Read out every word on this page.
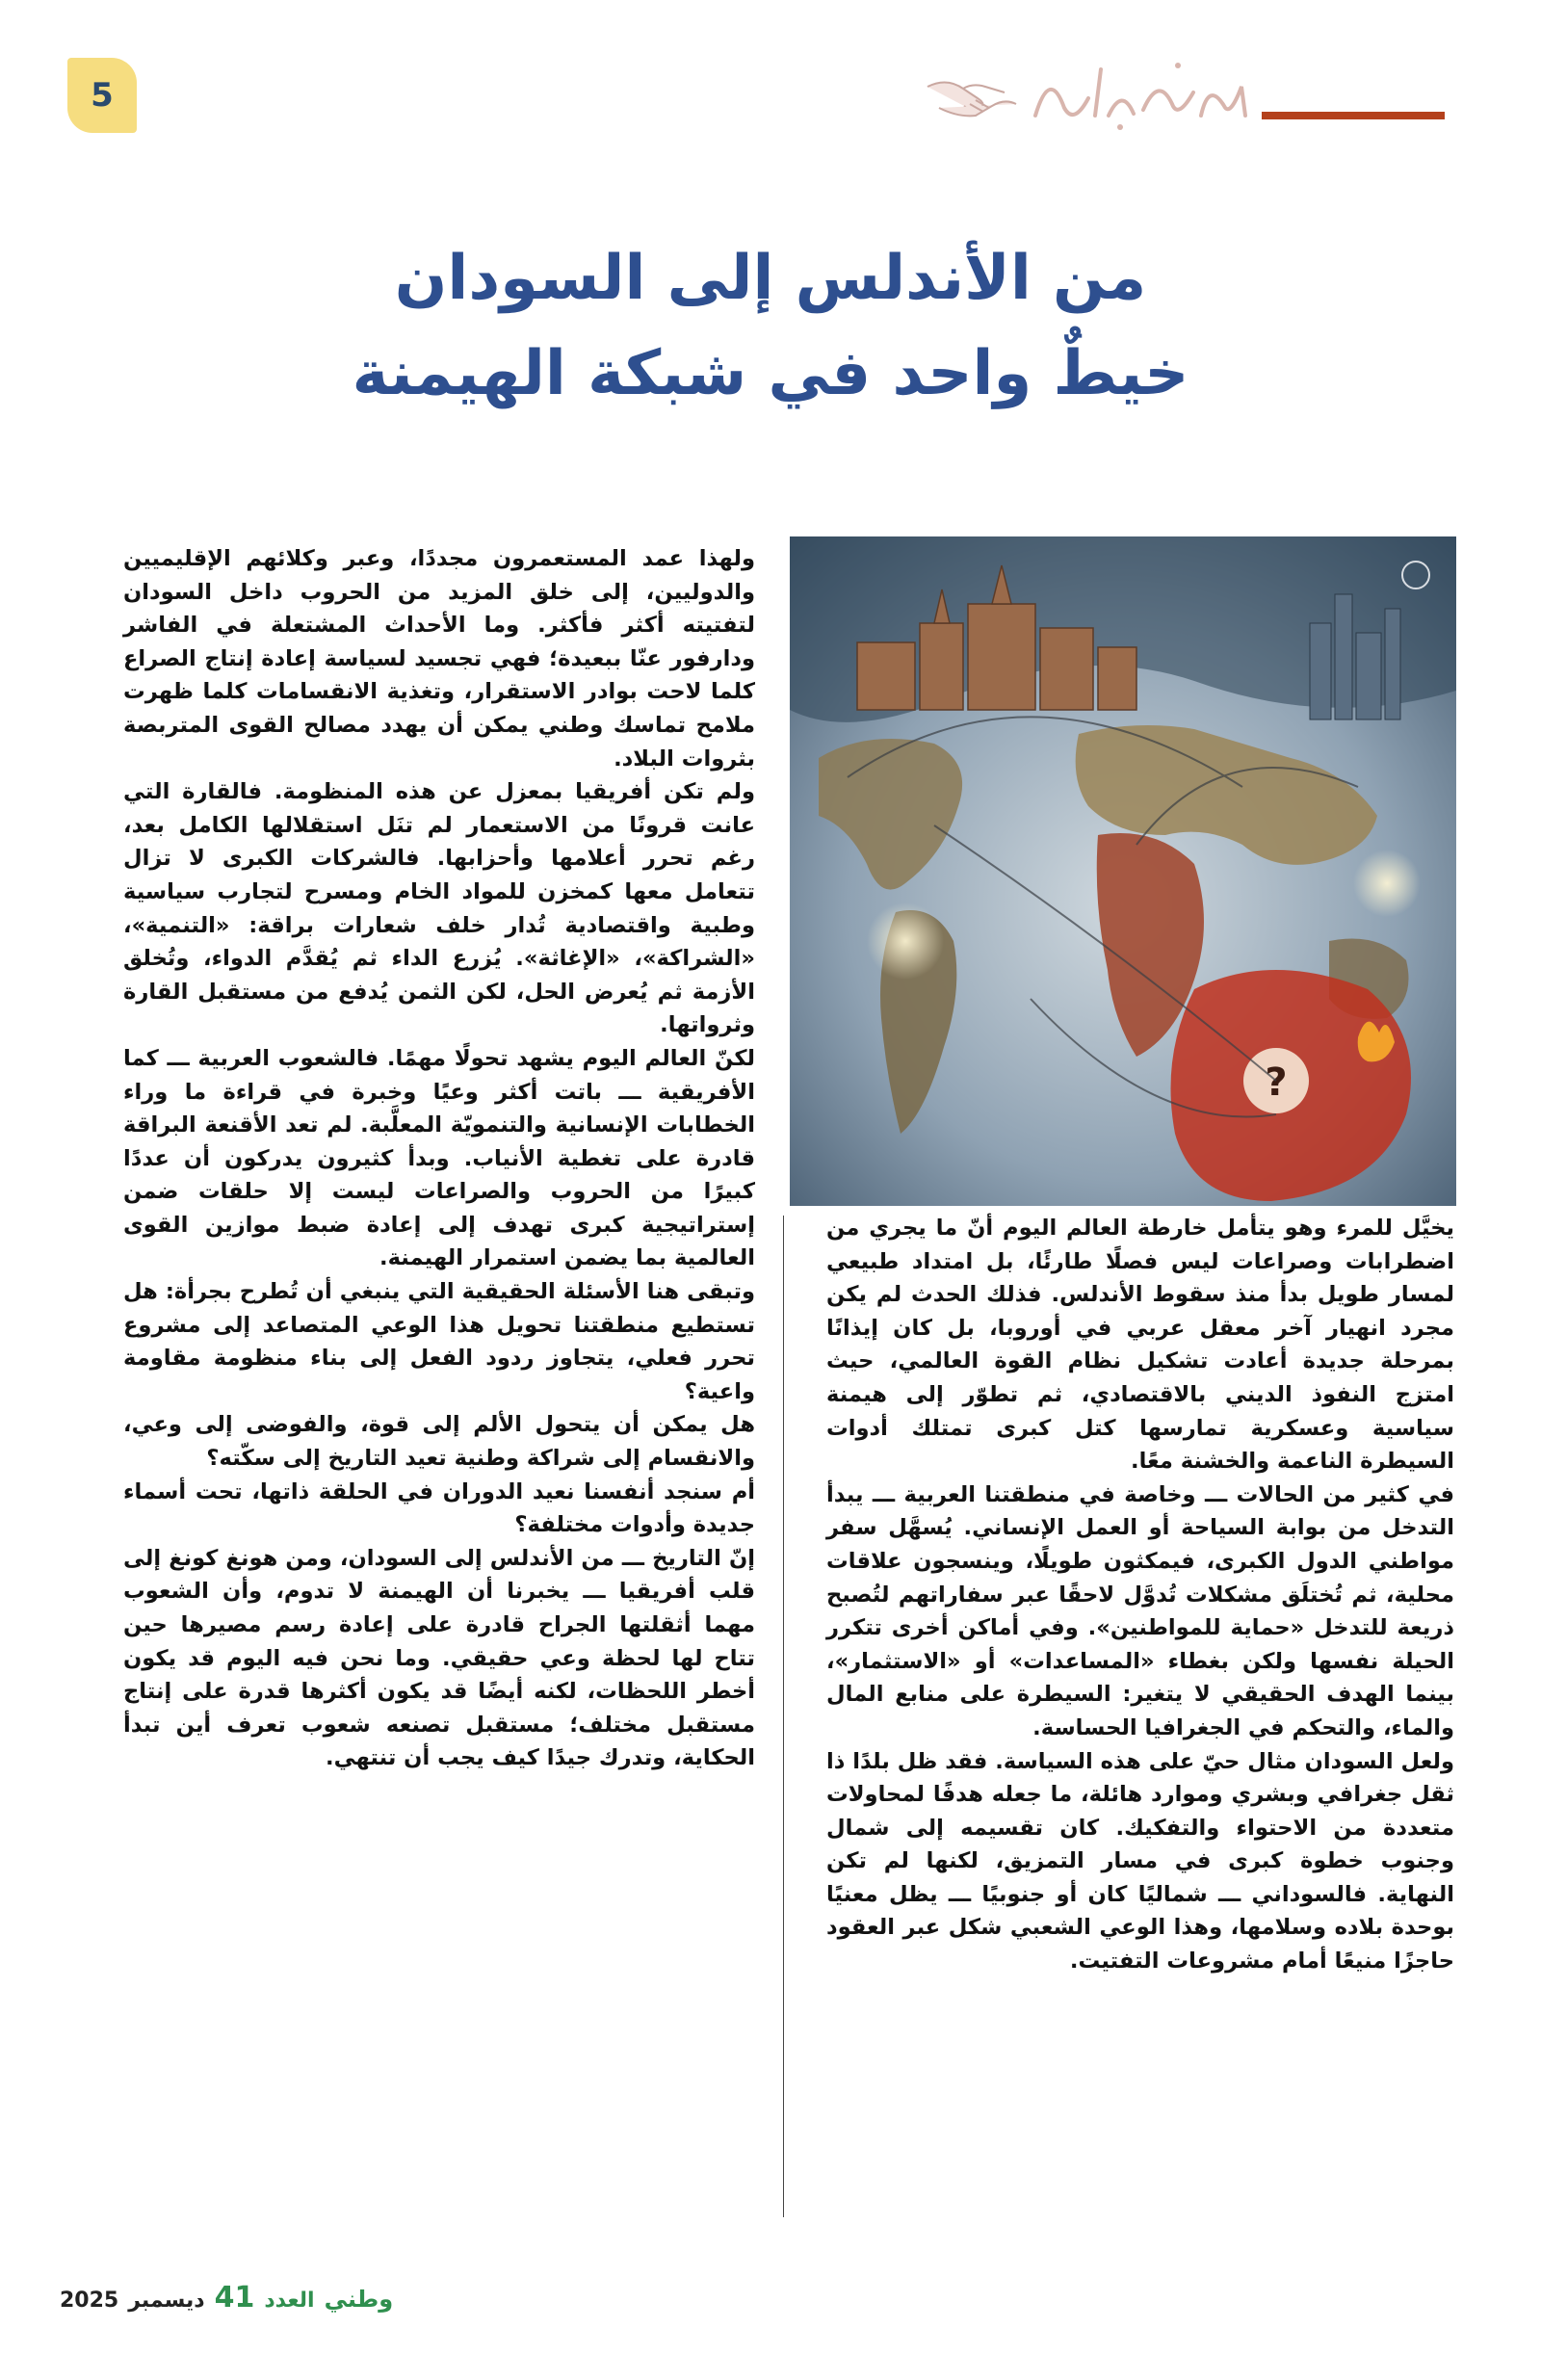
5
من الأندلس إلى السودان
خيطٌ واحد في شبكة الهيمنة
?

ولهذا عمد المستعمرون مجددًا، وعبر وكلائهم الإقليميين والدوليين، إلى خلق المزيد من الحروب داخل السودان لتفتيته أكثر فأكثر. وما الأحداث المشتعلة في الفاشر ودارفور عنّا ببعيدة؛ فهي تجسيد لسياسة إعادة إنتاج الصراع كلما لاحت بوادر الاستقرار، وتغذية الانقسامات كلما ظهرت ملامح تماسك وطني يمكن أن يهدد مصالح القوى المتربصة بثروات البلاد.

ولم تكن أفريقيا بمعزل عن هذه المنظومة. فالقارة التي عانت قرونًا من الاستعمار لم تنَل استقلالها الكامل بعد، رغم تحرر أعلامها وأحزابها. فالشركات الكبرى لا تزال تتعامل معها كمخزن للمواد الخام ومسرح لتجارب سياسية وطبية واقتصادية تُدار خلف شعارات براقة: «التنمية»، «الشراكة»، «الإغاثة». يُزرع الداء ثم يُقدَّم الدواء، وتُخلق الأزمة ثم يُعرض الحل، لكن الثمن يُدفع من مستقبل القارة وثرواتها.

لكنّ العالم اليوم يشهد تحولًا مهمًا. فالشعوب العربية ـــ كما الأفريقية ـــ باتت أكثر وعيًا وخبرة في قراءة ما وراء الخطابات الإنسانية والتنمويّة المعلَّبة. لم تعد الأقنعة البراقة قادرة على تغطية الأنياب. وبدأ كثيرون يدركون أن عددًا كبيرًا من الحروب والصراعات ليست إلا حلقات ضمن إستراتيجية كبرى تهدف إلى إعادة ضبط موازين القوى العالمية بما يضمن استمرار الهيمنة.

وتبقى هنا الأسئلة الحقيقية التي ينبغي أن تُطرح بجرأة: هل تستطيع منطقتنا تحويل هذا الوعي المتصاعد إلى مشروع تحرر فعلي، يتجاوز ردود الفعل إلى بناء منظومة مقاومة واعية؟

هل يمكن أن يتحول الألم إلى قوة، والفوضى إلى وعي، والانقسام إلى شراكة وطنية تعيد التاريخ إلى سكّته؟

أم سنجد أنفسنا نعيد الدوران في الحلقة ذاتها، تحت أسماء جديدة وأدوات مختلفة؟

إنّ التاريخ ـــ من الأندلس إلى السودان، ومن هونغ كونغ إلى قلب أفريقيا ـــ يخبرنا أن الهيمنة لا تدوم، وأن الشعوب مهما أثقلتها الجراح قادرة على إعادة رسم مصيرها حين تتاح لها لحظة وعي حقيقي. وما نحن فيه اليوم قد يكون أخطر اللحظات، لكنه أيضًا قد يكون أكثرها قدرة على إنتاج مستقبل مختلف؛ مستقبل تصنعه شعوب تعرف أين تبدأ الحكاية، وتدرك جيدًا كيف يجب أن تنتهي.

يخيَّل للمرء وهو يتأمل خارطة العالم اليوم أنّ ما يجري من اضطرابات وصراعات ليس فصلًا طارئًا، بل امتداد طبيعي لمسار طويل بدأ منذ سقوط الأندلس. فذلك الحدث لم يكن مجرد انهيار آخر معقل عربي في أوروبا، بل كان إيذانًا بمرحلة جديدة أعادت تشكيل نظام القوة العالمي، حيث امتزج النفوذ الديني بالاقتصادي، ثم تطوّر إلى هيمنة سياسية وعسكرية تمارسها كتل كبرى تمتلك أدوات السيطرة الناعمة والخشنة معًا.

في كثير من الحالات ـــ وخاصة في منطقتنا العربية ـــ يبدأ التدخل من بوابة السياحة أو العمل الإنساني. يُسهَّل سفر مواطني الدول الكبرى، فيمكثون طويلًا، وينسجون علاقات محلية، ثم تُختلَق مشكلات تُدوَّل لاحقًا عبر سفاراتهم لتُصبح ذريعة للتدخل «حماية للمواطنين». وفي أماكن أخرى تتكرر الحيلة نفسها ولكن بغطاء «المساعدات» أو «الاستثمار»، بينما الهدف الحقيقي لا يتغير: السيطرة على منابع المال والماء، والتحكم في الجغرافيا الحساسة.

ولعل السودان مثال حيّ على هذه السياسة. فقد ظل بلدًا ذا ثقل جغرافي وبشري وموارد هائلة، ما جعله هدفًا لمحاولات متعددة من الاحتواء والتفكيك. كان تقسيمه إلى شمال وجنوب خطوة كبرى في مسار التمزيق، لكنها لم تكن النهاية. فالسوداني ـــ شماليًا كان أو جنوبيًا ـــ يظل معنيًا بوحدة بلاده وسلامها، وهذا الوعي الشعبي شكل عبر العقود حاجزًا منيعًا أمام مشروعات التفتيت.

2025 ديسمبر 41 العدد وطني
